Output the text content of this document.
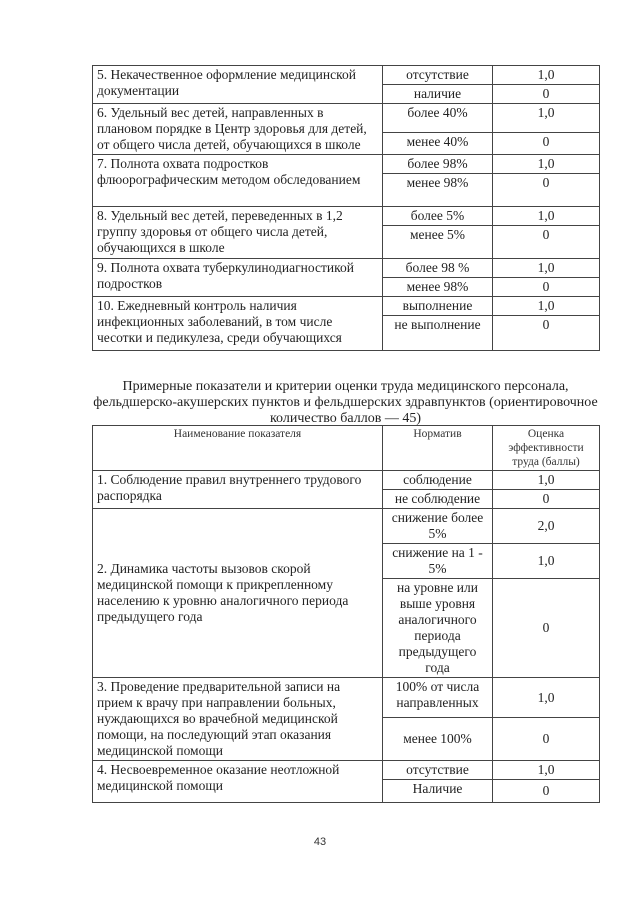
5. Некачественное оформление медицинской документации	отсутствие	1,0
	наличие	0
6. Удельный вес детей, направленных в плановом порядке в Центр здоровья для детей, от общего числа детей, обучающихся в школе	более 40%	1,0
	менее 40%	0
7. Полнота охвата подростков флюорографическим методом обследованием	более 98%	1,0
	менее 98%	0
8. Удельный вес детей, переведенных в 1,2 группу здоровья от общего числа детей, обучающихся в школе	более 5%	1,0
	менее 5%	0
9. Полнота охвата туберкулинодиагностикой подростков	более 98 %	1,0
	менее 98%	0
10. Ежедневный контроль наличия инфекционных заболеваний, в том числе чесотки и педикулеза, среди обучающихся	выполнение	1,0
	не выполнение	0
Примерные показатели и критерии оценки труда медицинского персонала, фельдшерско-акушерских пунктов и фельдшерских здравпунктов (ориентировочное количество баллов — 45)
Наименование показателя	Норматив	Оценка эффективности труда (баллы)
1. Соблюдение правил внутреннего трудового распорядка	соблюдение	1,0
	не соблюдение	0
2. Динамика частоты вызовов скорой медицинской помощи к прикрепленному населению к уровню аналогичного периода предыдущего года	снижение более 5%	2,0
	снижение на 1 - 5%	1,0
	на уровне или выше уровня аналогичного периода предыдущего года	0
3. Проведение предварительной записи на прием к врачу при направлении больных, нуждающихся во врачебной медицинской помощи, на последующий этап оказания медицинской помощи	100% от числа направленных	1,0
	менее 100%	0
4. Несвоевременное оказание неотложной медицинской помощи	отсутствие	1,0
	Наличие	0
43
